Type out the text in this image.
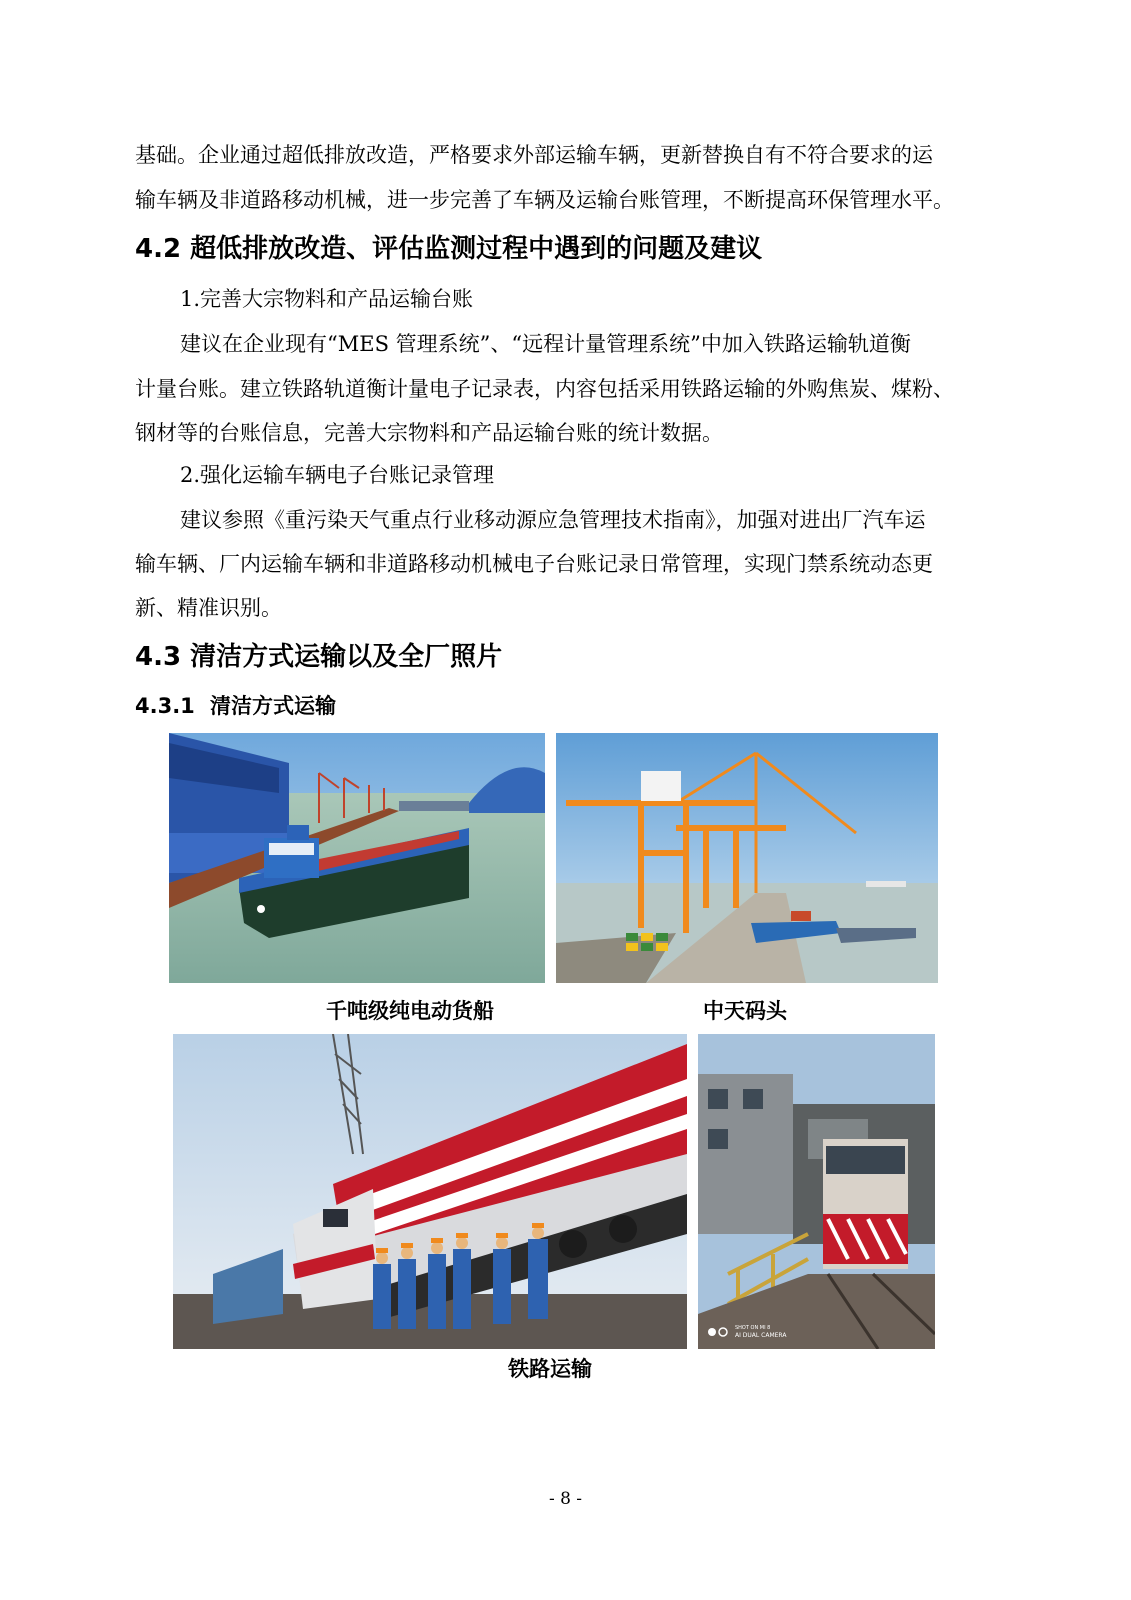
基础。企业通过超低排放改造，严格要求外部运输车辆，更新替换自有不符合要求的运
输车辆及非道路移动机械，进一步完善了车辆及运输台账管理，不断提高环保管理水平。
4.2 超低排放改造、评估监测过程中遇到的问题及建议
1.完善大宗物料和产品运输台账
建议在企业现有“MES 管理系统”、“远程计量管理系统”中加入铁路运输轨道衡
计量台账。建立铁路轨道衡计量电子记录表，内容包括采用铁路运输的外购焦炭、煤粉、
钢材等的台账信息，完善大宗物料和产品运输台账的统计数据。
2.强化运输车辆电子台账记录管理
建议参照《重污染天气重点行业移动源应急管理技术指南》，加强对进出厂汽车运
输车辆、厂内运输车辆和非道路移动机械电子台账记录日常管理，实现门禁系统动态更
新、精准识别。
4.3 清洁方式运输以及全厂照片
4.3.1 清洁方式运输
千吨级纯电动货船	中天码头
SHOT ON MI 8
AI DUAL CAMERA
铁路运输
- 8 -
